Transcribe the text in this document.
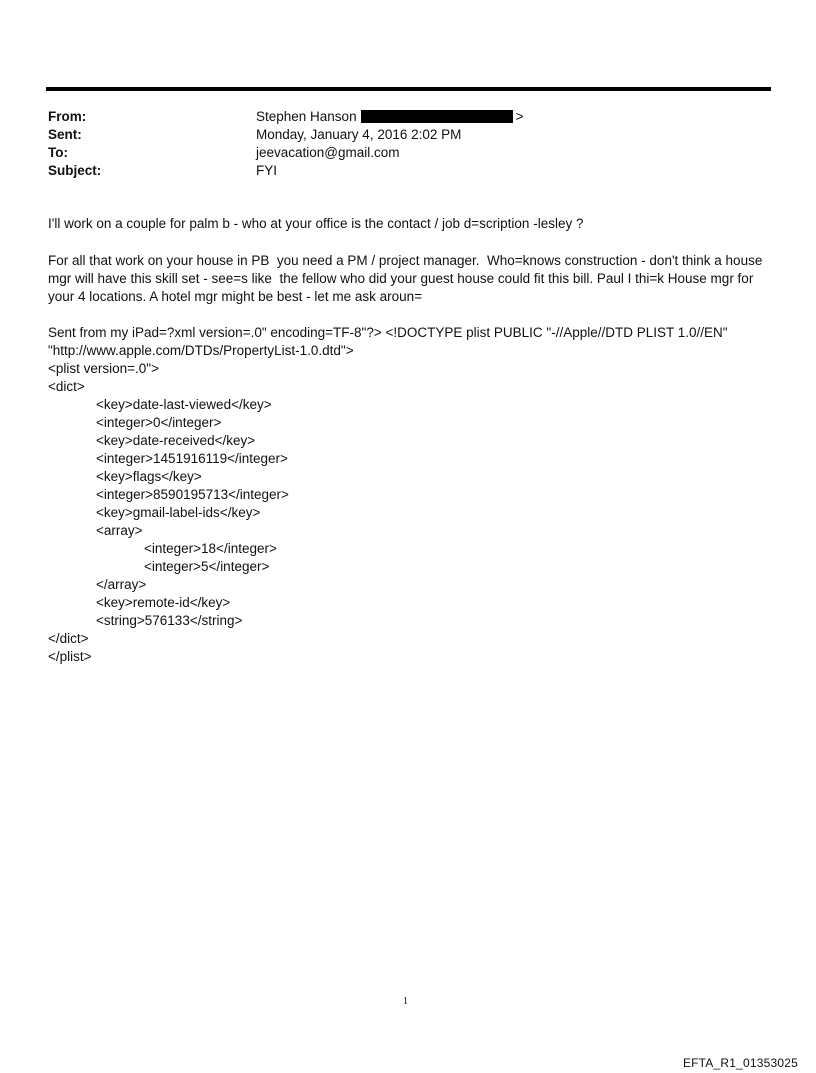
From:	Stephen Hanson	>
Sent:	Monday, January 4, 2016 2:02 PM
To:	jeevacation@gmail.com
Subject:	FYI
I'll work on a couple for palm b - who at your office is the contact / job d=scription -lesley ?
For all that work on your house in PB  you need a PM / project manager.  Who=knows construction - don't think a house mgr will have this skill set - see=s like  the fellow who did your guest house could fit this bill. Paul I thi=k House mgr for your 4 locations. A hotel mgr might be best - let me ask aroun=
Sent from my iPad=?xml version=.0" encoding=TF-8"?> <!DOCTYPE plist PUBLIC "-//Apple//DTD PLIST 1.0//EN"
"http://www.apple.com/DTDs/PropertyList-1.0.dtd">
<plist version=.0">
<dict>
<key>date-last-viewed</key>
<integer>0</integer>
<key>date-received</key>
<integer>1451916119</integer>
<key>flags</key>
<integer>8590195713</integer>
<key>gmail-label-ids</key>
<array>
<integer>18</integer>
<integer>5</integer>
</array>
<key>remote-id</key>
<string>576133</string>
</dict>
</plist>
1
EFTA_R1_01353025
